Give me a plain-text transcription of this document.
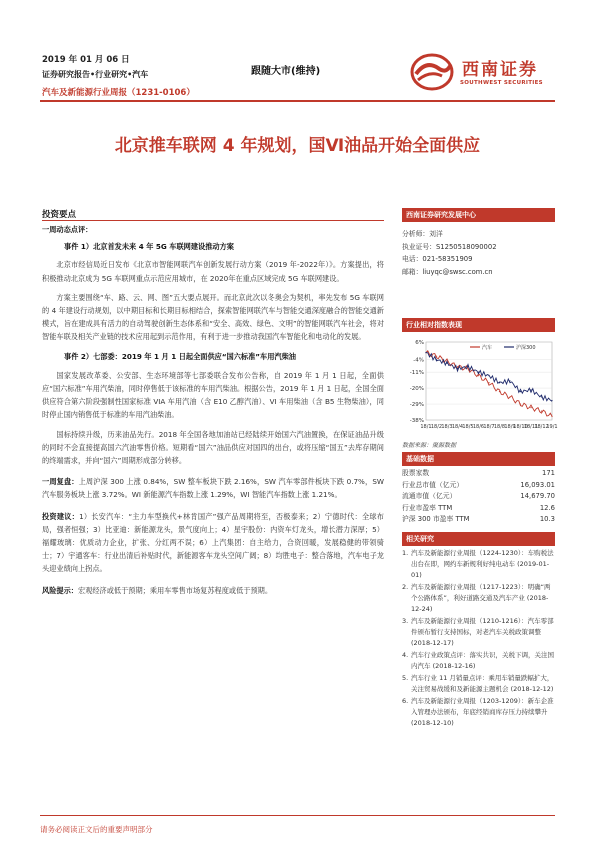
2019 年 01 月 06 日
证券研究报告•行业研究•汽车
汽车及新能源行业周报（1231-0106）
跟随大市(维持)	西南证券
SOUTHWEST SECURITIES
北京推车联网 4 年规划，国Ⅵ油品开始全面供应
投资要点
一周动态点评：
事件 1）北京首发未来 4 年 5G 车联网建设推动方案

北京市经信局近日发布《北京市智能网联汽车创新发展行动方案（2019 年-2022年）》。方案提出，将积极推动北京成为 5G 车联网重点示范应用城市，在 2020年在重点区域完成 5G 车联网建设。

方案主要围绕“车、路、云、网、图”五大要点展开。而北京此次以冬奥会为契机，率先发布 5G 车联网的 4 年建设行动规划，以中期目标和长期目标相结合，探索智能网联汽车与智能交通深度融合的智能交通新模式，旨在建成具有活力的自动驾驶创新生态体系和“安全、高效、绿色、文明”的智能网联汽车社会，将对智能车联及相关产业链的技术应用起到示范作用，有利于进一步推动我国汽车智能化和电动化的发展。

事件 2）七部委：2019 年 1 月 1 日起全面供应“国六标准”车用汽柴油

国家发展改革委、公安部、生态环境部等七部委联合发布公告称，自 2019 年 1 月 1 日起，全面供应“国六标准”车用汽柴油，同时停售低于该标准的车用汽柴油。根据公告，2019 年 1 月 1 日起，全国全面供应符合第六阶段强制性国家标准 VIA 车用汽油（含 E10 乙醇汽油）、VI 车用柴油（含 B5 生物柴油），同时停止国内销售低于标准的车用汽油柴油。

国标持续升级，历来油品先行。2018 年全国各地加油站已经陆续开始国六汽油置换，在保证油品升级的同时不会直接提高国六汽油零售价格。短期看“国六”油品供应对国四的出台，或将压缩“国五”去库存期间的终端需求，并向“国六”周期形成部分转移。

一周复盘：上周沪深 300 上涨 0.84%，SW 整车板块下跌 2.16%，SW 汽车零部件板块下跌 0.7%，SW 汽车服务板块上涨 3.72%。WI 新能源汽车指数上涨 1.29%，WI 智能汽车指数上涨 1.21%。

投资建议：1）长安汽车：“主力车型换代+林肯国产”强产品周期将至，否极泰来；2）宁德时代：全球布局，强者恒强；3）比亚迪：新能源龙头，景气度向上；4）星宇股份：内资车灯龙头，增长潜力深厚；5）福耀玻璃：优质动力企业，扩张、分红两不误；6）上汽集团：自主给力，合资回暖，发展稳健的带领骑士；7）宇通客车：行业出清后补贴时代，新能源客车龙头空间广阔；8）均胜电子：整合落地，汽车电子龙头迎业绩向上拐点。

风险提示：宏观经济或低于预期；乘用车零售市场复苏程度或低于预期。

西南证券研究发展中心
分析师：刘洋
执业证号：S1250518090002
电话：021-58351909
邮箱：liuyqc@swsc.com.cn
行业相对指数表现
6%
-4%
-11%
-20%
-29%
-38%
18/1 18/2 18/3 18/4 18/5 18/6 18/7 18/8 18/9
18/10
18/11
18/12
19/1
汽车	沪深300
数据来源：聚源数据
基础数据
股票家数	171
行业总市值（亿元）	16,093.01
流通市值（亿元）	14,679.70
行业市盈率 TTM	12.6
沪深 300 市盈率 TTM	10.3
相关研究
1. 汽车及新能源行业周报（1224-1230）：车购税法出台在即，网约车新规利好纯电动车 (2019-01-01)
2. 汽车及新能源行业周报（1217-1223）：明确“两个公路体系”，利好道路交通及汽车产业 (2018-12-24)
3. 汽车及新能源行业周报（1210-1216）：汽车零部件颁布暂行支持国标，对老汽车关税政策调整 (2018-12-17)
4. 汽车行业政策点评：落实共识，关税下调，关注国内汽车 (2018-12-16)
5. 汽车行业 11 月销量点评：乘用车销量跌幅扩大，关注贸易战缓和及新能源主题机会 (2018-12-12)
6. 汽车及新能源行业周报（1203-1209）：新车企准入管理办法颁布，年底经销商库存压力持续攀升 (2018-12-10)
请务必阅读正文后的重要声明部分
